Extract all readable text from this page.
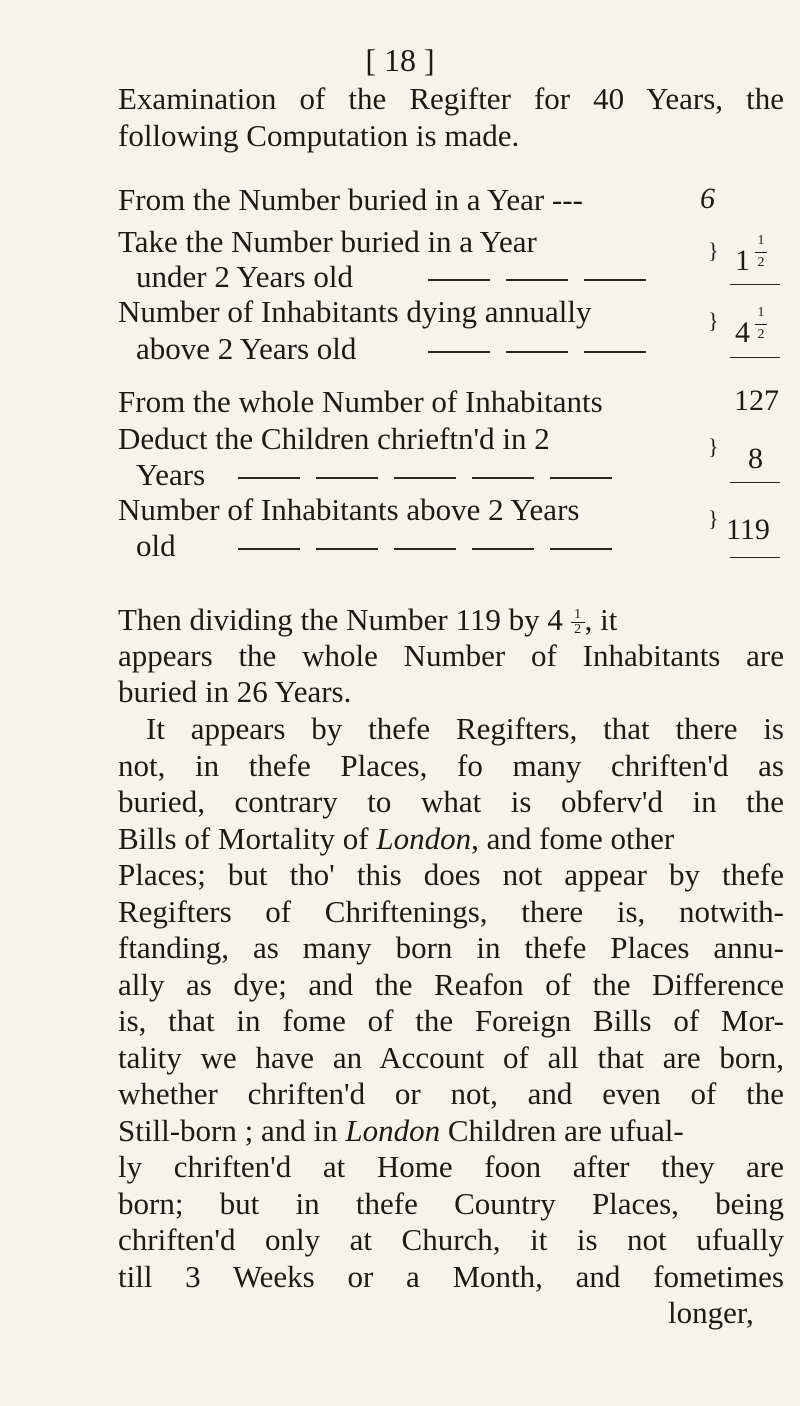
[ 18 ]
Examination of the Regifter for 40 Years, the
following Computation is made.
From the Number buried in a Year ---	6
Take the Number buried in a Year
under 2 Years old
} 1
1
2
Number of Inhabitants dying annually
above 2 Years old
} 4
1
2
From the whole Number of Inhabitants	127
Deduct the Children chrieftn'd in 2
Years
} 8
Number of Inhabitants above 2 Years
old
} 119
Then dividing the Number 119 by $4 \frac{1}{2}$ , it
appears the whole Number of Inhabitants are
buried in 26 Years.
It appears by thefe Regifters, that there is
not, in thefe Places, fo many chriften'd as
buried, contrary to what is obferv'd in the
Bills of Mortality of London, and fome other
Places; but tho' this does not appear by thefe
Regifters of Chriftenings, there is, notwith-
ftanding, as many born in thefe Places annu-
ally as dye; and the Reafon of the Difference
is, that in fome of the Foreign Bills of Mor-
tality we have an Account of all that are born,
whether chriften'd or not, and even of the
Still-born ; and in London Children are ufual-
ly chriften'd at Home foon after they are
born; but in thefe Country Places, being
chriften'd only at Church, it is not ufually
till 3 Weeks or a Month, and fometimes
longer,
